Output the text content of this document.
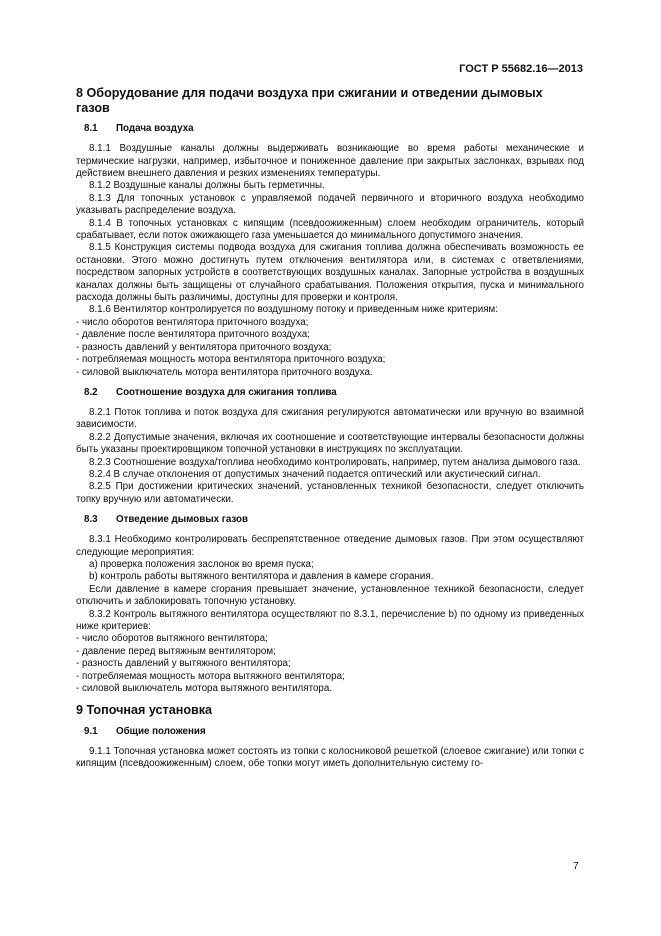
ГОСТ Р 55682.16—2013
8 Оборудование для подачи воздуха при сжигании и отведении дымовых
газов
8.1 Подача воздуха

8.1.1 Воздушные каналы должны выдерживать возникающие во время работы механические и термические нагрузки, например, избыточное и пониженное давление при закрытых заслонках, взрывах под действием внешнего давления и резких изменениях температуры.

8.1.2 Воздушные каналы должны быть герметичны.

8.1.3 Для топочных установок с управляемой подачей первичного и вторичного воздуха необходимо указывать распределение воздуха.

8.1.4 В топочных установках с кипящим (псевдоожиженным) слоем необходим ограничитель, который срабатывает, если поток ожижающего газа уменьшается до минимального допустимого значения.

8.1.5 Конструкция системы подвода воздуха для сжигания топлива должна обеспечивать возможность ее остановки. Этого можно достигнуть путем отключения вентилятора или, в системах с ответвлениями, посредством запорных устройств в соответствующих воздушных каналах. Запорные устройства в воздушных каналах должны быть защищены от случайного срабатывания. Положения открытия, пуска и минимального расхода должны быть различимы, доступны для проверки и контроля.

8.1.6 Вентилятор контролируется по воздушному потоку и приведенным ниже критериям:

- число оборотов вентилятора приточного воздуха;

- давление после вентилятора приточного воздуха;

- разность давлений у вентилятора приточного воздуха;

- потребляемая мощность мотора вентилятора приточного воздуха;

- силовой выключатель мотора вентилятора приточного воздуха.

8.2 Соотношение воздуха для сжигания топлива

8.2.1 Поток топлива и поток воздуха для сжигания регулируются автоматически или вручную во взаимной зависимости.

8.2.2 Допустимые значения, включая их соотношение и соответствующие интервалы безопасности должны быть указаны проектировщиком топочной установки в инструкциях по эксплуатации.

8.2.3 Соотношение воздуха/топлива необходимо контролировать, например, путем анализа дымового газа.

8.2.4 В случае отклонения от допустимых значений подается оптический или акустический сигнал.

8.2.5 При достижении критических значений, установленных техникой безопасности, следует отключить топку вручную или автоматически.

8.3 Отведение дымовых газов

8.3.1 Необходимо контролировать беспрепятственное отведение дымовых газов. При этом осуществляют следующие мероприятия:

а) проверка положения заслонок во время пуска;

b) контроль работы вытяжного вентилятора и давления в камере сгорания.

Если давление в камере сгорания превышает значение, установленное техникой безопасности, следует отключить и заблокировать топочную установку.

8.3.2 Контроль вытяжного вентилятора осуществляют по 8.3.1, перечисление b) по одному из приведенных ниже критериев:

- число оборотов вытяжного вентилятора;

- давление перед вытяжным вентилятором;

- разность давлений у вытяжного вентилятора;

- потребляемая мощность мотора вытяжного вентилятора;

- силовой выключатель мотора вытяжного вентилятора.

9 Топочная установка
9.1 Общие положения

9.1.1 Топочная установка может состоять из топки с колосниковой решеткой (слоевое сжигание) или топки с кипящим (псевдоожиженным) слоем, обе топки могут иметь дополнительную систему го-

7
